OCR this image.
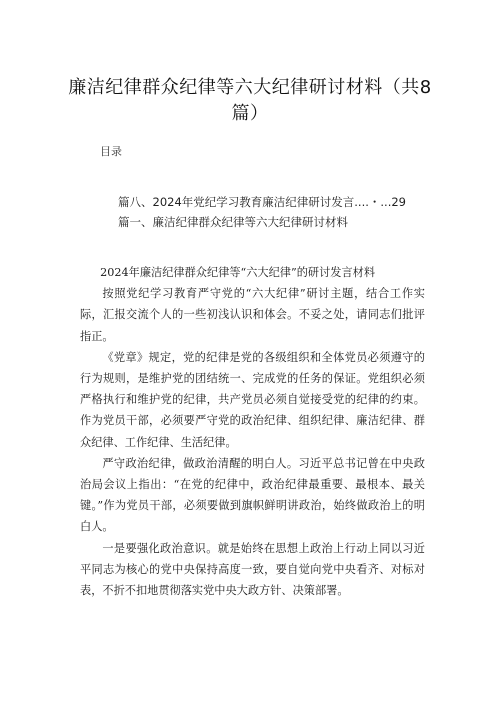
廉洁纪律群众纪律等六大纪律研讨材料（共8篇）
目录
篇八、2024年党纪学习教育廉洁纪律研讨发言....・...29
篇一、廉洁纪律群众纪律等六大纪律研讨材料

2024年廉洁纪律群众纪律等“六大纪律”的研讨发言材料

按照党纪学习教育严守党的“六大纪律”研讨主题，结合工作实际，汇报交流个人的一些初浅认识和体会。不妥之处，请同志们批评指正。

《党章》规定，党的纪律是党的各级组织和全体党员必须遵守的行为规则，是维护党的团结统一、完成党的任务的保证。党组织必须严格执行和维护党的纪律，共产党员必须自觉接受党的纪律的约束。作为党员干部，必须要严守党的政治纪律、组织纪律、廉洁纪律、群众纪律、工作纪律、生活纪律。

严守政治纪律，做政治清醒的明白人。习近平总书记曾在中央政治局会议上指出：“在党的纪律中，政治纪律最重要、最根本、最关键。”作为党员干部，必须要做到旗帜鲜明讲政治，始终做政治上的明白人。

一是要强化政治意识。就是始终在思想上政治上行动上同以习近平同志为核心的党中央保持高度一致，要自觉向党中央看齐、对标对表，不折不扣地贯彻落实党中央大政方针、决策部署。
